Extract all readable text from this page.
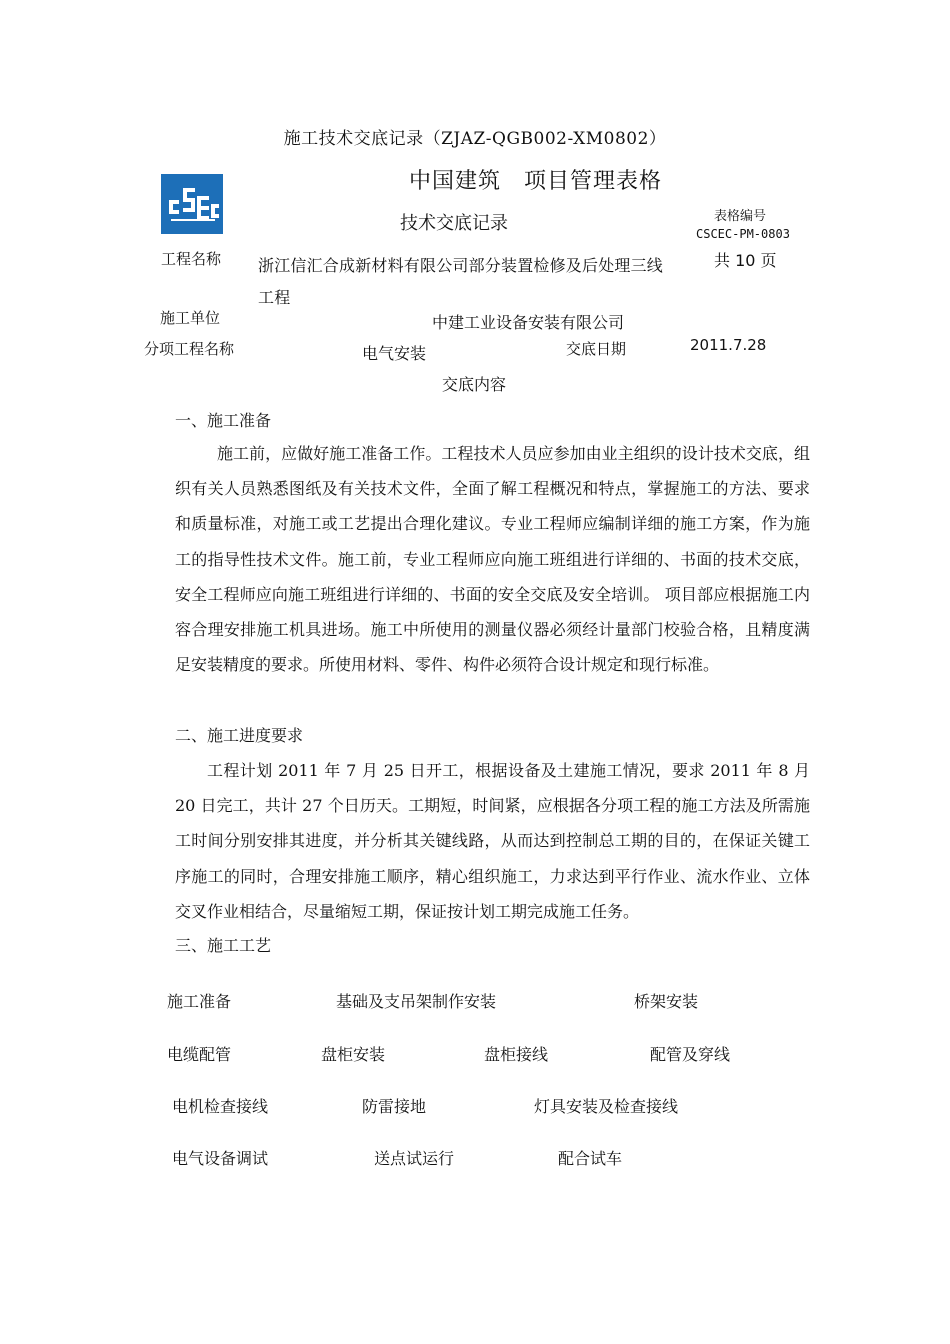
施工技术交底记录（ZJAZ-QGB002-XM0802）
中国建筑　项目管理表格
技术交底记录	表格编号
CSCEC-PM-0803
工程名称 浙江信汇合成新材料有限公司部分装置检修及后处理三线工程
共 10 页
施工单位	中建工业设备安装有限公司
分项工程名称	电气安装	交底日期	2011.7.28
交底内容
一、施工准备
施工前，应做好施工准备工作。工程技术人员应参加由业主组织的设计技术交底，组织有关人员熟悉图纸及有关技术文件，全面了解工程概况和特点，掌握施工的方法、要求和质量标准，对施工或工艺提出合理化建议。专业工程师应编制详细的施工方案，作为施工的指导性技术文件。施工前，专业工程师应向施工班组进行详细的、书面的技术交底，安全工程师应向施工班组进行详细的、书面的安全交底及安全培训。 项目部应根据施工内容合理安排施工机具进场。施工中所使用的测量仪器必须经计量部门校验合格，且精度满足安装精度的要求。所使用材料、零件、构件必须符合设计规定和现行标准。
二、施工进度要求
工程计划 2011 年 7 月 25 日开工，根据设备及土建施工情况，要求 2011 年 8 月 20 日完工，共计 27 个日历天。工期短，时间紧，应根据各分项工程的施工方法及所需施工时间分别安排其进度，并分析其关键线路，从而达到控制总工期的目的，在保证关键工序施工的同时，合理安排施工顺序，精心组织施工，力求达到平行作业、流水作业、立体交叉作业相结合，尽量缩短工期，保证按计划工期完成施工任务。
三、施工工艺
施工准备	基础及支吊架制作安装	桥架安装
电缆配管	盘柜安装	盘柜接线	配管及穿线
电机检查接线	防雷接地	灯具安装及检查接线
电气设备调试	送点试运行	配合试车
